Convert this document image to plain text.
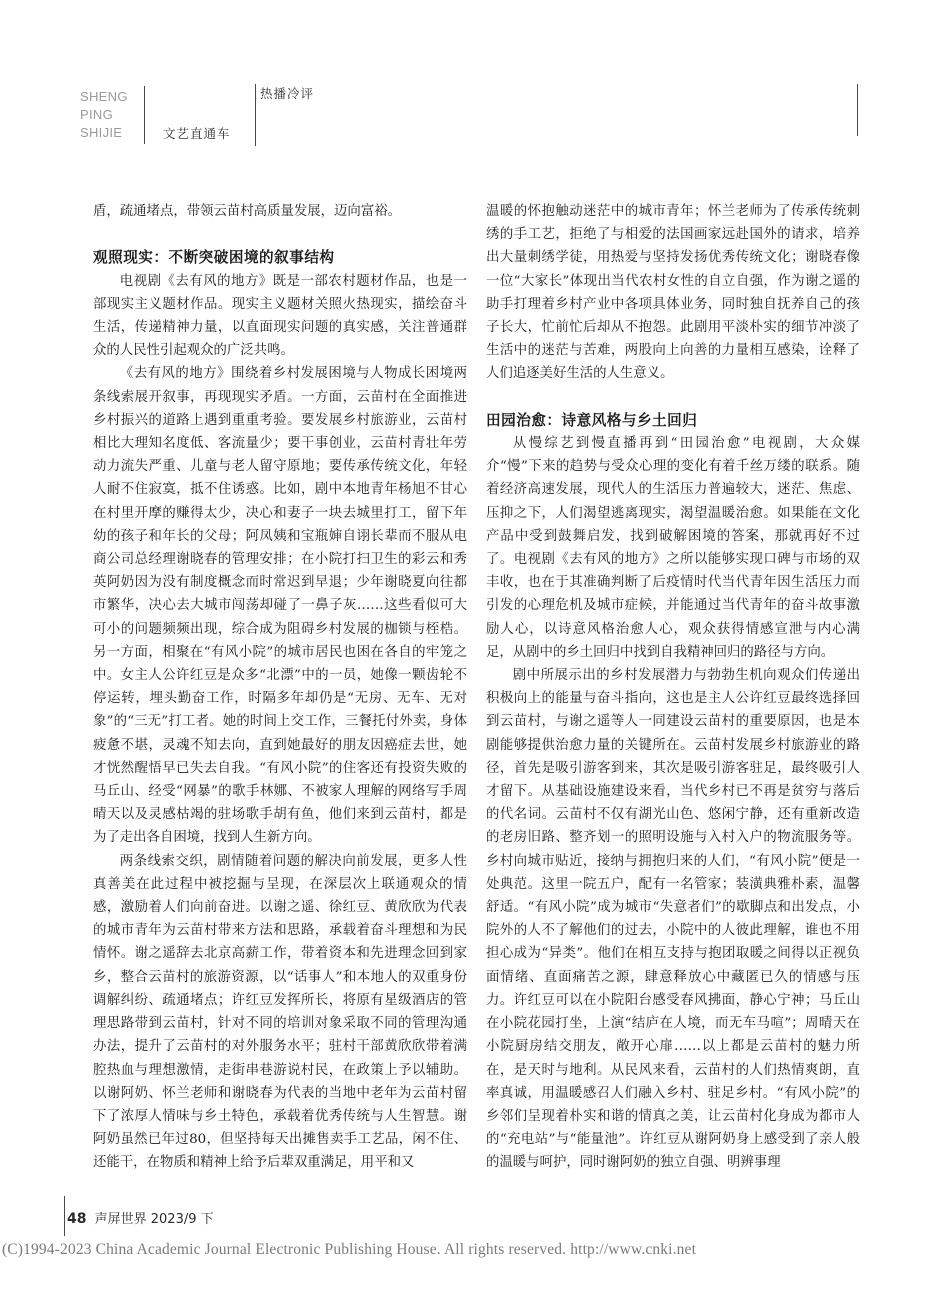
SHENG
PING
SHIJIE	文艺直通车
热播冷评

盾，疏通堵点，带领云苗村高质量发展，迈向富裕。

观照现实：不断突破困境的叙事结构

电视剧《去有风的地方》既是一部农村题材作品，也是一部现实主义题材作品。现实主义题材关照火热现实，描绘奋斗生活，传递精神力量，以直面现实问题的真实感，关注普通群众的人民性引起观众的广泛共鸣。

《去有风的地方》围绕着乡村发展困境与人物成长困境两条线索展开叙事，再现现实矛盾。一方面，云苗村在全面推进乡村振兴的道路上遇到重重考验。要发展乡村旅游业，云苗村相比大理知名度低、客流量少；要干事创业，云苗村青壮年劳动力流失严重、儿童与老人留守原地；要传承传统文化，年轻人耐不住寂寞，抵不住诱惑。比如，剧中本地青年杨旭不甘心在村里开摩的赚得太少，决心和妻子一块去城里打工，留下年幼的孩子和年长的父母；阿凤姨和宝瓶婶自诩长辈而不服从电商公司总经理谢晓春的管理安排；在小院打扫卫生的彩云和秀英阿奶因为没有制度概念而时常迟到早退；少年谢晓夏向往都市繁华，决心去大城市闯荡却碰了一鼻子灰……这些看似可大可小的问题频频出现，综合成为阻碍乡村发展的枷锁与桎梏。另一方面，相聚在“有风小院”的城市居民也困在各自的牢笼之中。女主人公许红豆是众多“北漂”中的一员，她像一颗齿轮不停运转，埋头勤奋工作，时隔多年却仍是“无房、无车、无对象”的“三无”打工者。她的时间上交工作，三餐托付外卖，身体疲惫不堪，灵魂不知去向，直到她最好的朋友因癌症去世，她才恍然醒悟早已失去自我。“有风小院”的住客还有投资失败的马丘山、经受“网暴”的歌手林娜、不被家人理解的网络写手周晴天以及灵感枯竭的驻场歌手胡有鱼，他们来到云苗村，都是为了走出各自困境，找到人生新方向。

两条线索交织，剧情随着问题的解决向前发展，更多人性真善美在此过程中被挖掘与呈现，在深层次上联通观众的情感，激励着人们向前奋进。以谢之遥、徐红豆、黄欣欣为代表的城市青年为云苗村带来方法和思路，承载着奋斗理想和为民情怀。谢之遥辞去北京高薪工作，带着资本和先进理念回到家乡，整合云苗村的旅游资源，以“话事人”和本地人的双重身份调解纠纷、疏通堵点；许红豆发挥所长，将原有星级酒店的管理思路带到云苗村，针对不同的培训对象采取不同的管理沟通办法，提升了云苗村的对外服务水平；驻村干部黄欣欣带着满腔热血与理想激情，走街串巷游说村民，在政策上予以辅助。以谢阿奶、怀兰老师和谢晓春为代表的当地中老年为云苗村留下了浓厚人情味与乡土特色，承载着优秀传统与人生智慧。谢阿奶虽然已年过80，但坚持每天出摊售卖手工艺品，闲不住、还能干，在物质和精神上给予后辈双重满足，用平和又

温暖的怀抱触动迷茫中的城市青年；怀兰老师为了传承传统刺绣的手工艺，拒绝了与相爱的法国画家远赴国外的请求，培养出大量刺绣学徒，用热爱与坚持发扬优秀传统文化；谢晓春像一位“大家长”体现出当代农村女性的自立自强，作为谢之遥的助手打理着乡村产业中各项具体业务，同时独自抚养自己的孩子长大，忙前忙后却从不抱怨。此剧用平淡朴实的细节冲淡了生活中的迷茫与苦难，两股向上向善的力量相互感染，诠释了人们追逐美好生活的人生意义。

田园治愈：诗意风格与乡土回归

从慢综艺到慢直播再到“田园治愈”电视剧，大众媒介“慢”下来的趋势与受众心理的变化有着千丝万缕的联系。随着经济高速发展，现代人的生活压力普遍较大，迷茫、焦虑、压抑之下，人们渴望逃离现实，渴望温暖治愈。如果能在文化产品中受到鼓舞启发，找到破解困境的答案，那就再好不过了。电视剧《去有风的地方》之所以能够实现口碑与市场的双丰收，也在于其准确判断了后疫情时代当代青年因生活压力而引发的心理危机及城市症候，并能通过当代青年的奋斗故事激励人心，以诗意风格治愈人心，观众获得情感宣泄与内心满足，从剧中的乡土回归中找到自我精神回归的路径与方向。

剧中所展示出的乡村发展潜力与勃勃生机向观众们传递出积极向上的能量与奋斗指向，这也是主人公许红豆最终选择回到云苗村，与谢之遥等人一同建设云苗村的重要原因，也是本剧能够提供治愈力量的关键所在。云苗村发展乡村旅游业的路径，首先是吸引游客到来，其次是吸引游客驻足，最终吸引人才留下。从基础设施建设来看，当代乡村已不再是贫穷与落后的代名词。云苗村不仅有湖光山色、悠闲宁静，还有重新改造的老房旧路、整齐划一的照明设施与入村入户的物流服务等。乡村向城市贴近，接纳与拥抱归来的人们，“有风小院”便是一处典范。这里一院五户，配有一名管家；装潢典雅朴素，温馨舒适。“有风小院”成为城市“失意者们”的歇脚点和出发点，小院外的人不了解他们的过去，小院中的人彼此理解，谁也不用担心成为“异类”。他们在相互支持与抱团取暖之间得以正视负面情绪、直面痛苦之源，肆意释放心中藏匿已久的情感与压力。许红豆可以在小院阳台感受春风拂面，静心宁神；马丘山在小院花园打坐，上演“结庐在人境，而无车马喧”；周晴天在小院厨房结交朋友，敞开心扉……以上都是云苗村的魅力所在，是天时与地利。从民风来看，云苗村的人们热情爽朗，直率真诚，用温暖感召人们融入乡村、驻足乡村。“有风小院”的乡邻们呈现着朴实和谐的情真之美，让云苗村化身成为都市人的“充电站”与“能量池”。许红豆从谢阿奶身上感受到了亲人般的温暖与呵护，同时谢阿奶的独立自强、明辨事理

48 声屏世界 2023/9 下
(C)1994-2023 China Academic Journal Electronic Publishing House. All rights reserved. http://www.cnki.net
